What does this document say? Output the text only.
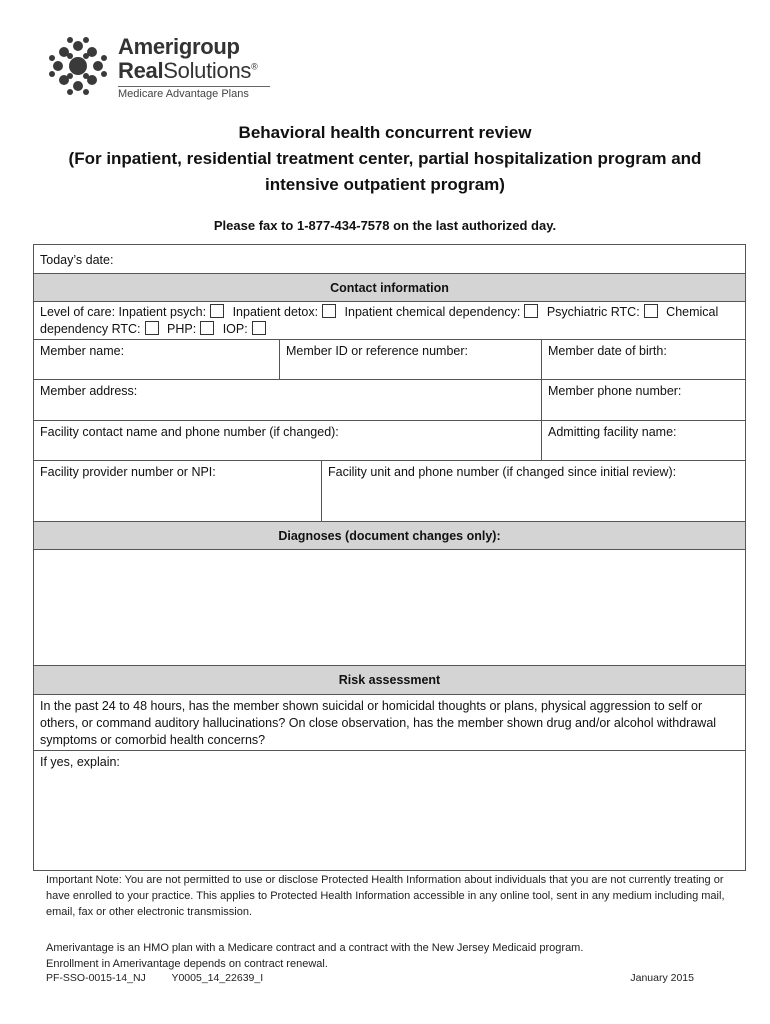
Amerigroup
RealSolutions®
Medicare Advantage Plans
Behavioral health concurrent review
(For inpatient, residential treatment center, partial hospitalization program and
intensive outpatient program)
Please fax to 1-877-434-7578 on the last authorized day.
Today’s date:
Contact information
Level of care: Inpatient psych: Inpatient detox: Inpatient chemical dependency: Psychiatric RTC: Chemical dependency RTC: PHP: IOP:
Member name:	Member ID or reference number:	Member date of birth:
Member address:	Member phone number:
Facility contact name and phone number (if changed):	Admitting facility name:
Facility provider number or NPI:	Facility unit and phone number (if changed since initial review):
Diagnoses (document changes only):
Risk assessment
In the past 24 to 48 hours, has the member shown suicidal or homicidal thoughts or plans, physical aggression to self or others, or command auditory hallucinations? On close observation, has the member shown drug and/or alcohol withdrawal symptoms or comorbid health concerns?
If yes, explain:
Important Note: You are not permitted to use or disclose Protected Health Information about individuals that you are not currently treating or have enrolled to your practice. This applies to Protected Health Information accessible in any online tool, sent in any medium including mail, email, fax or other electronic transmission.
Amerivantage is an HMO plan with a Medicare contract and a contract with the New Jersey Medicaid program.
Enrollment in Amerivantage depends on contract renewal.
PF-SSO-0015-14_NJ Y0005_14_22639_I	January 2015
